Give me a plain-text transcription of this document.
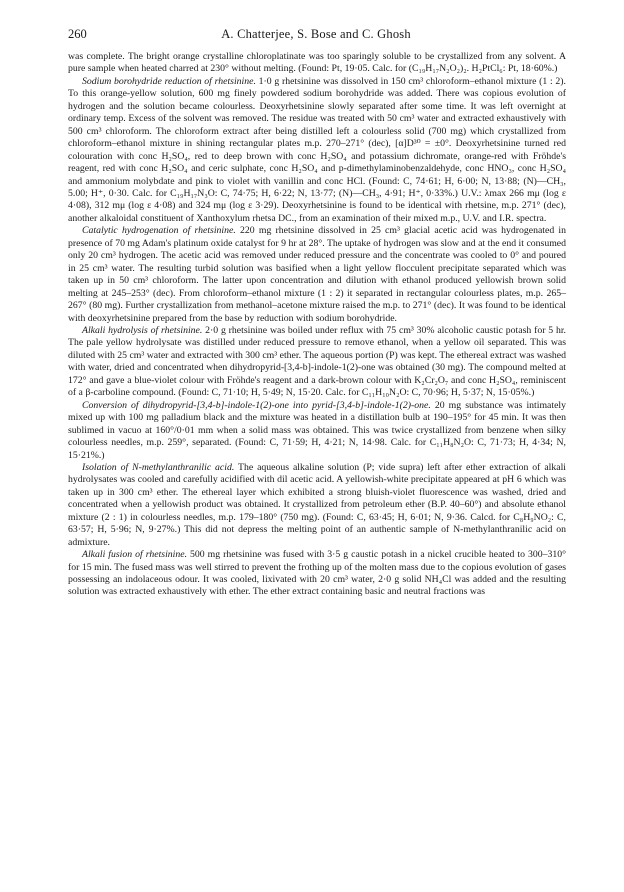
260	A. Chatterjee, S. Bose and C. Ghosh

was complete. The bright orange crystalline chloroplatinate was too sparingly soluble to be crystallized from any solvent. A pure sample when heated charred at 230° without melting. (Found: Pt, 19·05. Calc. for (C₁₉H₁₇N₂O₂)₂. H₂PtCl₆: Pt, 18·60%.)

Sodium borohydride reduction of rhetsinine. 1·0 g rhetsinine was dissolved in 150 cm³ chloroform–ethanol mixture (1 : 2). To this orange-yellow solution, 600 mg finely powdered sodium borohydride was added. There was copious evolution of hydrogen and the solution became colourless. Deoxyrhetsinine slowly separated after some time. It was left overnight at ordinary temp. Excess of the solvent was removed. The residue was treated with 50 cm³ water and extracted exhaustively with 500 cm³ chloroform. The chloroform extract after being distilled left a colourless solid (700 mg) which crystallized from chloroform–ethanol mixture in shining rectangular plates m.p. 270–271° (dec), [α]D³⁰ = ±0°. Deoxyrhetsinine turned red colouration with conc H₂SO₄, red to deep brown with conc H₂SO₄ and potassium dichromate, orange-red with Fröhde's reagent, red with conc H₂SO₄ and ceric sulphate, conc H₂SO₄ and p-dimethylaminobenzaldehyde, conc HNO₃, conc H₂SO₄ and ammonium molybdate and pink to violet with vanillin and conc HCl. (Found: C, 74·61; H, 6·00; N, 13·88; (N)—CH₃, 5.00; H⁺, 0·30. Calc. for C₁₉H₁₇N₃O: C, 74·75; H, 6·22; N, 13·77; (N)—CH₃, 4·91; H⁺, 0·33%.) U.V.: λmax 266 mμ (log ε 4·08), 312 mμ (log ε 4·08) and 324 mμ (log ε 3·29). Deoxyrhetsinine is found to be identical with rhetsine, m.p. 271° (dec), another alkaloidal constituent of Xanthoxylum rhetsa DC., from an examination of their mixed m.p., U.V. and I.R. spectra.

Catalytic hydrogenation of rhetsinine. 220 mg rhetsinine dissolved in 25 cm³ glacial acetic acid was hydrogenated in presence of 70 mg Adam's platinum oxide catalyst for 9 hr at 28°. The uptake of hydrogen was slow and at the end it consumed only 20 cm³ hydrogen. The acetic acid was removed under reduced pressure and the concentrate was cooled to 0° and poured in 25 cm³ water. The resulting turbid solution was basified when a light yellow flocculent precipitate separated which was taken up in 50 cm³ chloroform. The latter upon concentration and dilution with ethanol produced yellowish brown solid melting at 245–253° (dec). From chloroform–ethanol mixture (1 : 2) it separated in rectangular colourless plates, m.p. 265–267° (80 mg). Further crystallization from methanol–acetone mixture raised the m.p. to 271° (dec). It was found to be identical with deoxyrhetsinine prepared from the base by reduction with sodium borohydride.

Alkali hydrolysis of rhetsinine. 2·0 g rhetsinine was boiled under reflux with 75 cm³ 30% alcoholic caustic potash for 5 hr. The pale yellow hydrolysate was distilled under reduced pressure to remove ethanol, when a yellow oil separated. This was diluted with 25 cm³ water and extracted with 300 cm³ ether. The aqueous portion (P) was kept. The ethereal extract was washed with water, dried and concentrated when dihydropyrid-[3,4-b]-indole-1(2)-one was obtained (30 mg). The compound melted at 172° and gave a blue-violet colour with Fröhde's reagent and a dark-brown colour with K₂Cr₂O₇ and conc H₂SO₄, reminiscent of a β-carboline compound. (Found: C, 71·10; H, 5·49; N, 15·20. Calc. for C₁₁H₁₀N₂O: C, 70·96; H, 5·37; N, 15·05%.)

Conversion of dihydropyrid-[3,4-b]-indole-1(2)-one into pyrid-[3,4-b]-indole-1(2)-one. 20 mg substance was intimately mixed up with 100 mg palladium black and the mixture was heated in a distillation bulb at 190–195° for 45 min. It was then sublimed in vacuo at 160°/0·01 mm when a solid mass was obtained. This was twice crystallized from benzene when silky colourless needles, m.p. 259°, separated. (Found: C, 71·59; H, 4·21; N, 14·98. Calc. for C₁₁H₈N₂O: C, 71·73; H, 4·34; N, 15·21%.)

Isolation of N-methylanthranilic acid. The aqueous alkaline solution (P; vide supra) left after ether extraction of alkali hydrolysates was cooled and carefully acidified with dil acetic acid. A yellowish-white precipitate appeared at pH 6 which was taken up in 300 cm³ ether. The ethereal layer which exhibited a strong bluish-violet fluorescence was washed, dried and concentrated when a yellowish product was obtained. It crystallized from petroleum ether (B.P. 40–60°) and absolute ethanol mixture (2 : 1) in colourless needles, m.p. 179–180° (750 mg). (Found: C, 63·45; H, 6·01; N, 9·36. Calcd. for C₈H₉NO₂: C, 63·57; H, 5·96; N, 9·27%.) This did not depress the melting point of an authentic sample of N-methylanthranilic acid on admixture.

Alkali fusion of rhetsinine. 500 mg rhetsinine was fused with 3·5 g caustic potash in a nickel crucible heated to 300–310° for 15 min. The fused mass was well stirred to prevent the frothing up of the molten mass due to the copious evolution of gases possessing an indolaceous odour. It was cooled, lixivated with 20 cm³ water, 2·0 g solid NH₄Cl was added and the resulting solution was extracted exhaustively with ether. The ether extract containing basic and neutral fractions was
